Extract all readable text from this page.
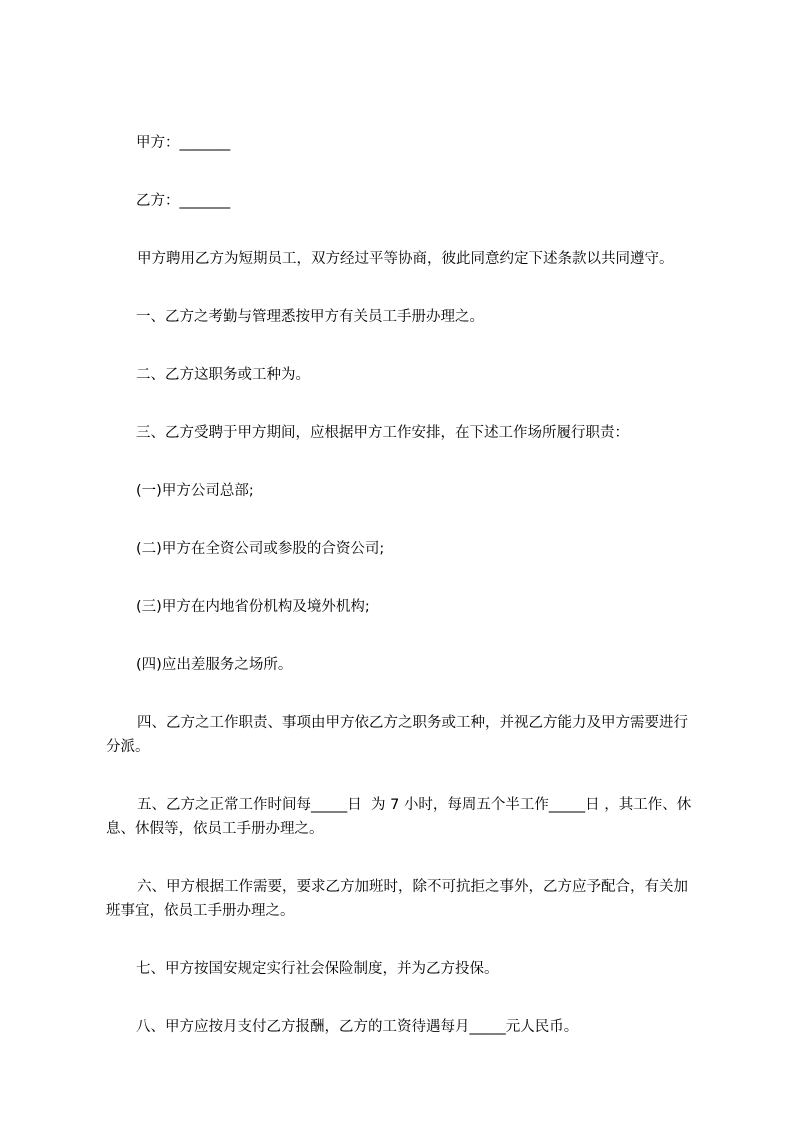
甲方：_______

乙方：_______

甲方聘用乙方为短期员工，双方经过平等协商，彼此同意约定下述条款以共同遵守。

一、乙方之考勤与管理悉按甲方有关员工手册办理之。

二、乙方这职务或工种为。

三、乙方受聘于甲方期间，应根据甲方工作安排，在下述工作场所履行职责：

(一)甲方公司总部;

(二)甲方在全资公司或参股的合资公司;

(三)甲方在内地省份机构及境外机构;

(四)应出差服务之场所。

四、乙方之工作职责、事项由甲方依乙方之职务或工种，并视乙方能力及甲方需要进行分派。

五、乙方之正常工作时间每_____日  为 7 小时，每周五个半工作_____日 ，其工作、休息、休假等，依员工手册办理之。

六、甲方根据工作需要，要求乙方加班时，除不可抗拒之事外，乙方应予配合，有关加班事宜，依员工手册办理之。

七、甲方按国安规定实行社会保险制度，并为乙方投保。

八、甲方应按月支付乙方报酬，乙方的工资待遇每月_____元人民币。
